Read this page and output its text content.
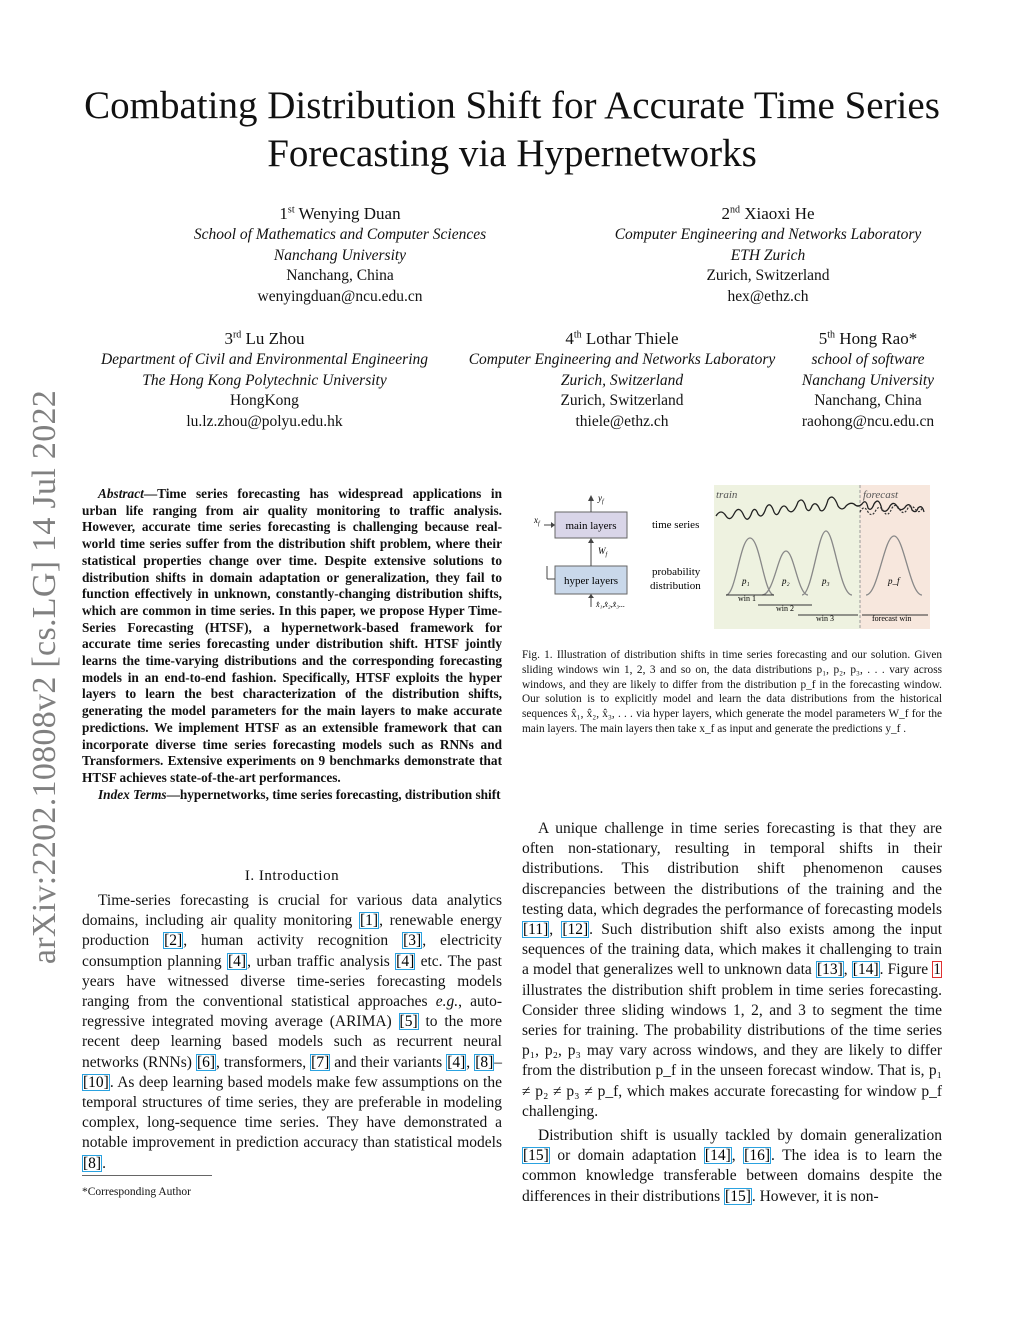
arXiv:2202.10808v2 [cs.LG] 14 Jul 2022
Combating Distribution Shift for Accurate Time Series Forecasting via Hypernetworks
1st Wenying Duan
School of Mathematics and Computer Sciences
Nanchang University
Nanchang, China
wenyingduan@ncu.edu.cn
2nd Xiaoxi He
Computer Engineering and Networks Laboratory
ETH Zurich
Zurich, Switzerland
hex@ethz.ch
3rd Lu Zhou
Department of Civil and Environmental Engineering
The Hong Kong Polytechnic University
HongKong
lu.lz.zhou@polyu.edu.hk
4th Lothar Thiele
Computer Engineering and Networks Laboratory
Zurich, Switzerland
Zurich, Switzerland
thiele@ethz.ch
5th Hong Rao*
school of software
Nanchang University
Nanchang, China
raohong@ncu.edu.cn

Abstract—Time series forecasting has widespread applications in urban life ranging from air quality monitoring to traffic analysis. However, accurate time series forecasting is challenging because real-world time series suffer from the distribution shift problem, where their statistical properties change over time. Despite extensive solutions to distribution shifts in domain adaptation or generalization, they fail to function effectively in unknown, constantly-changing distribution shifts, which are common in time series. In this paper, we propose Hyper Time-Series Forecasting (HTSF), a hypernetwork-based framework for accurate time series forecasting under distribution shift. HTSF jointly learns the time-varying distributions and the corresponding forecasting models in an end-to-end fashion. Specifically, HTSF exploits the hyper layers to learn the best characterization of the distribution shifts, generating the model parameters for the main layers to make accurate predictions. We implement HTSF as an extensible framework that can incorporate diverse time series forecasting models such as RNNs and Transformers. Extensive experiments on 9 benchmarks demonstrate that HTSF achieves state-of-the-art performances.

Index Terms—hypernetworks, time series forecasting, distribution shift

I. Introduction

Time-series forecasting is crucial for various data analytics domains, including air quality monitoring [1], renewable energy production [2], human activity recognition [3], electricity consumption planning [4], urban traffic analysis [4] etc. The past years have witnessed diverse time-series forecasting models ranging from the conventional statistical approaches e.g., auto-regressive integrated moving average (ARIMA) [5] to the more recent deep learning based models such as recurrent neural networks (RNNs) [6], transformers, [7] and their variants [4], [8]–[10]. As deep learning based models make few assumptions on the temporal structures of time series, they are preferable in modeling complex, long-sequence time series. They have demonstrated a notable improvement in prediction accuracy than statistical models [8].

*Corresponding Author
train	forecast
main layers
hyper layers
$y_f$
$x_f$
$W_f$
x̂₁,x̂₂,x̂₃...
time series
probability
distribution	p₁	p₂	p₃	p_f
win 1
win 2
win 3	forecast win
Fig. 1. Illustration of distribution shifts in time series forecasting and our solution. Given sliding windows win 1, 2, 3 and so on, the data distributions p₁, p₂, p₃, . . . vary across windows, and they are likely to differ from the distribution p_f in the forecasting window. Our solution is to explicitly model and learn the data distributions from the historical sequences x̂₁, x̂₂, x̂₃, . . . via hyper layers, which generate the model parameters W_f for the main layers. The main layers then take x_f as input and generate the predictions y_f .

A unique challenge in time series forecasting is that they are often non-stationary, resulting in temporal shifts in their distributions. This distribution shift phenomenon causes discrepancies between the distributions of the training and the testing data, which degrades the performance of forecasting models [11], [12]. Such distribution shift also exists among the input sequences of the training data, which makes it challenging to train a model that generalizes well to unknown data [13], [14]. Figure 1 illustrates the distribution shift problem in time series forecasting. Consider three sliding windows 1, 2, and 3 to segment the time series for training. The probability distributions of the time series p₁, p₂, p₃ may vary across windows, and they are likely to differ from the distribution p_f in the unseen forecast window. That is, p₁ ≠ p₂ ≠ p₃ ≠ p_f, which makes accurate forecasting for window p_f challenging.

Distribution shift is usually tackled by domain generalization [15] or domain adaptation [14], [16]. The idea is to learn the common knowledge transferable between domains despite the differences in their distributions [15]. However, it is non-
